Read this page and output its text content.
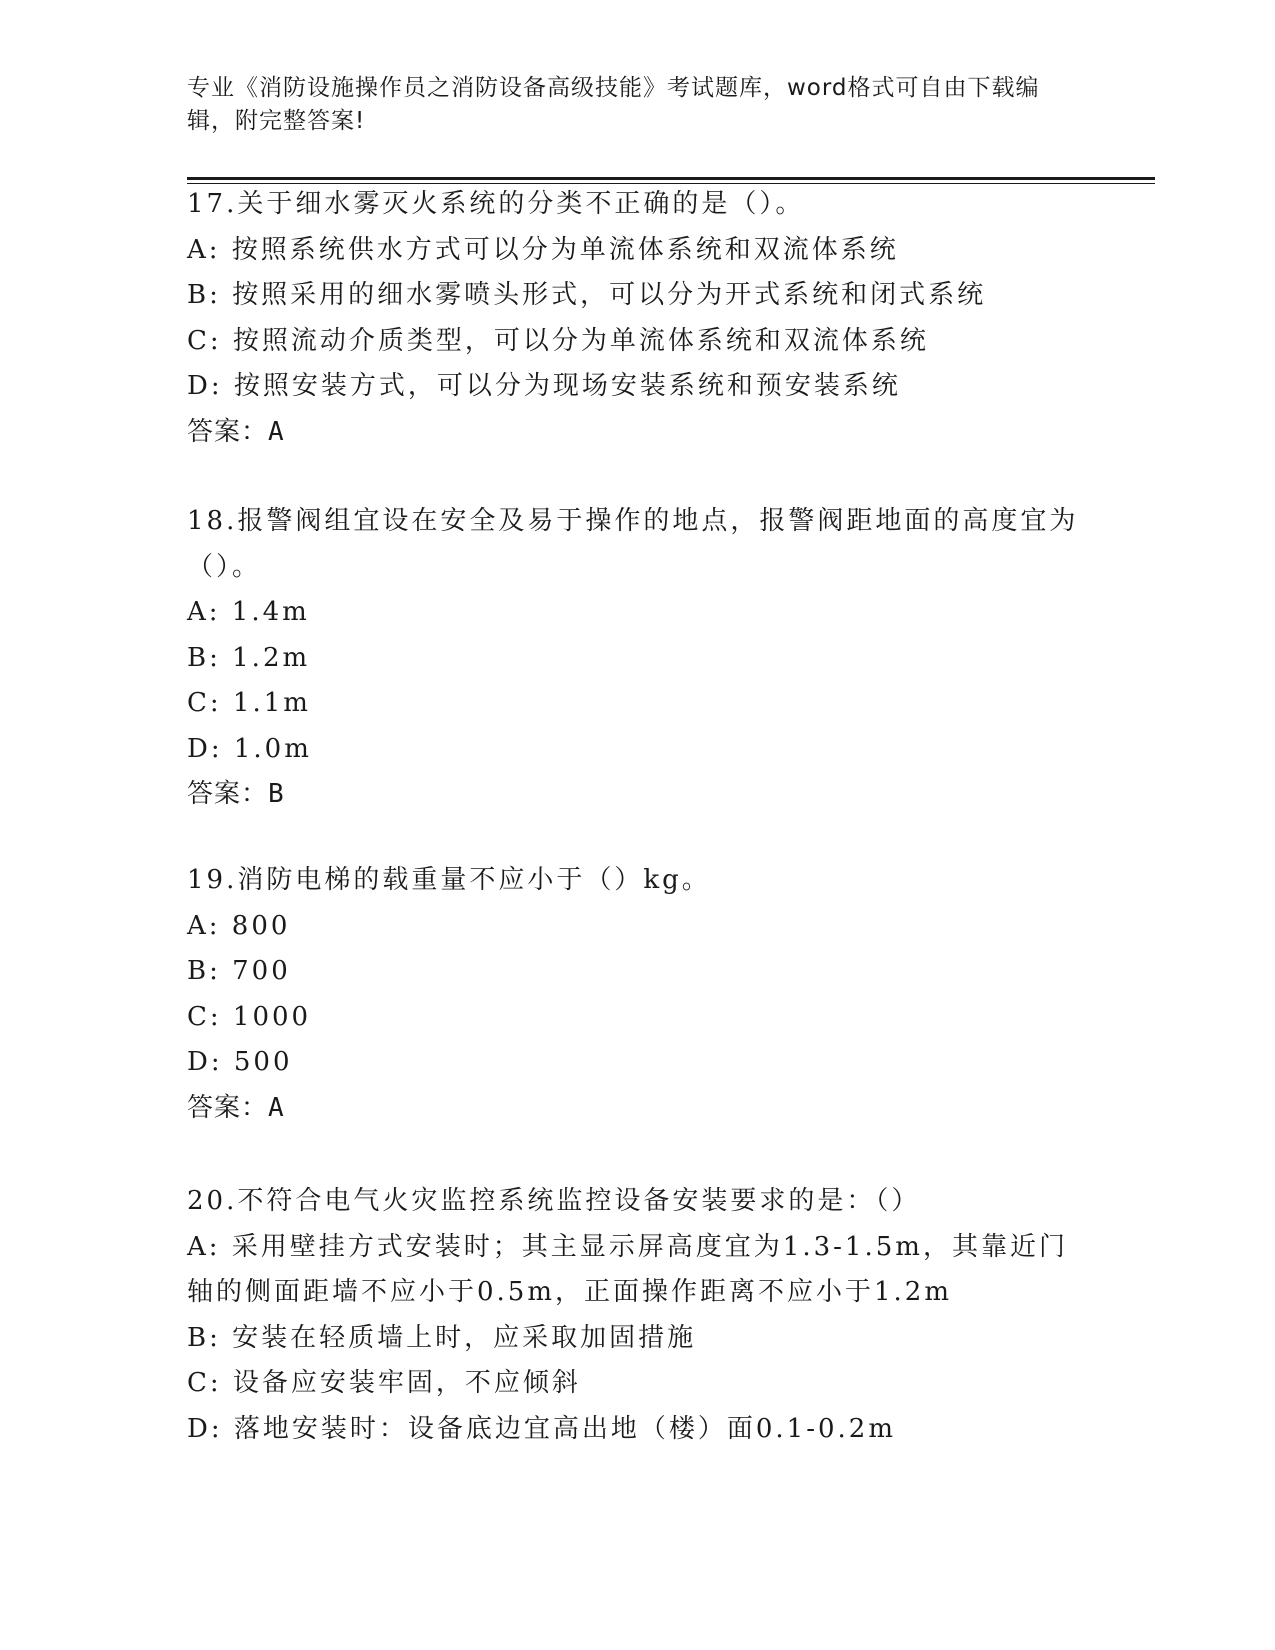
专业《消防设施操作员之消防设备高级技能》考试题库，word格式可自由下载编辑，附完整答案!
17.关于细水雾灭火系统的分类不正确的是（）。
A: 按照系统供水方式可以分为单流体系统和双流体系统
B: 按照采用的细水雾喷头形式，可以分为开式系统和闭式系统
C: 按照流动介质类型，可以分为单流体系统和双流体系统
D: 按照安装方式，可以分为现场安装系统和预安装系统
答案：A
18.报警阀组宜设在安全及易于操作的地点，报警阀距地面的高度宜为（）。
A: 1.4m
B: 1.2m
C: 1.1m
D: 1.0m
答案：B
19.消防电梯的载重量不应小于（）kg。
A: 800
B: 700
C: 1000
D: 500
答案：A
20.不符合电气火灾监控系统监控设备安装要求的是：（）
A: 采用壁挂方式安装时；其主显示屏高度宜为1.3-1.5m，其靠近门轴的侧面距墙不应小于0.5m，正面操作距离不应小于1.2m
B: 安装在轻质墙上时，应采取加固措施
C: 设备应安装牢固，不应倾斜
D: 落地安装时：设备底边宜高出地（楼）面0.1-0.2m
